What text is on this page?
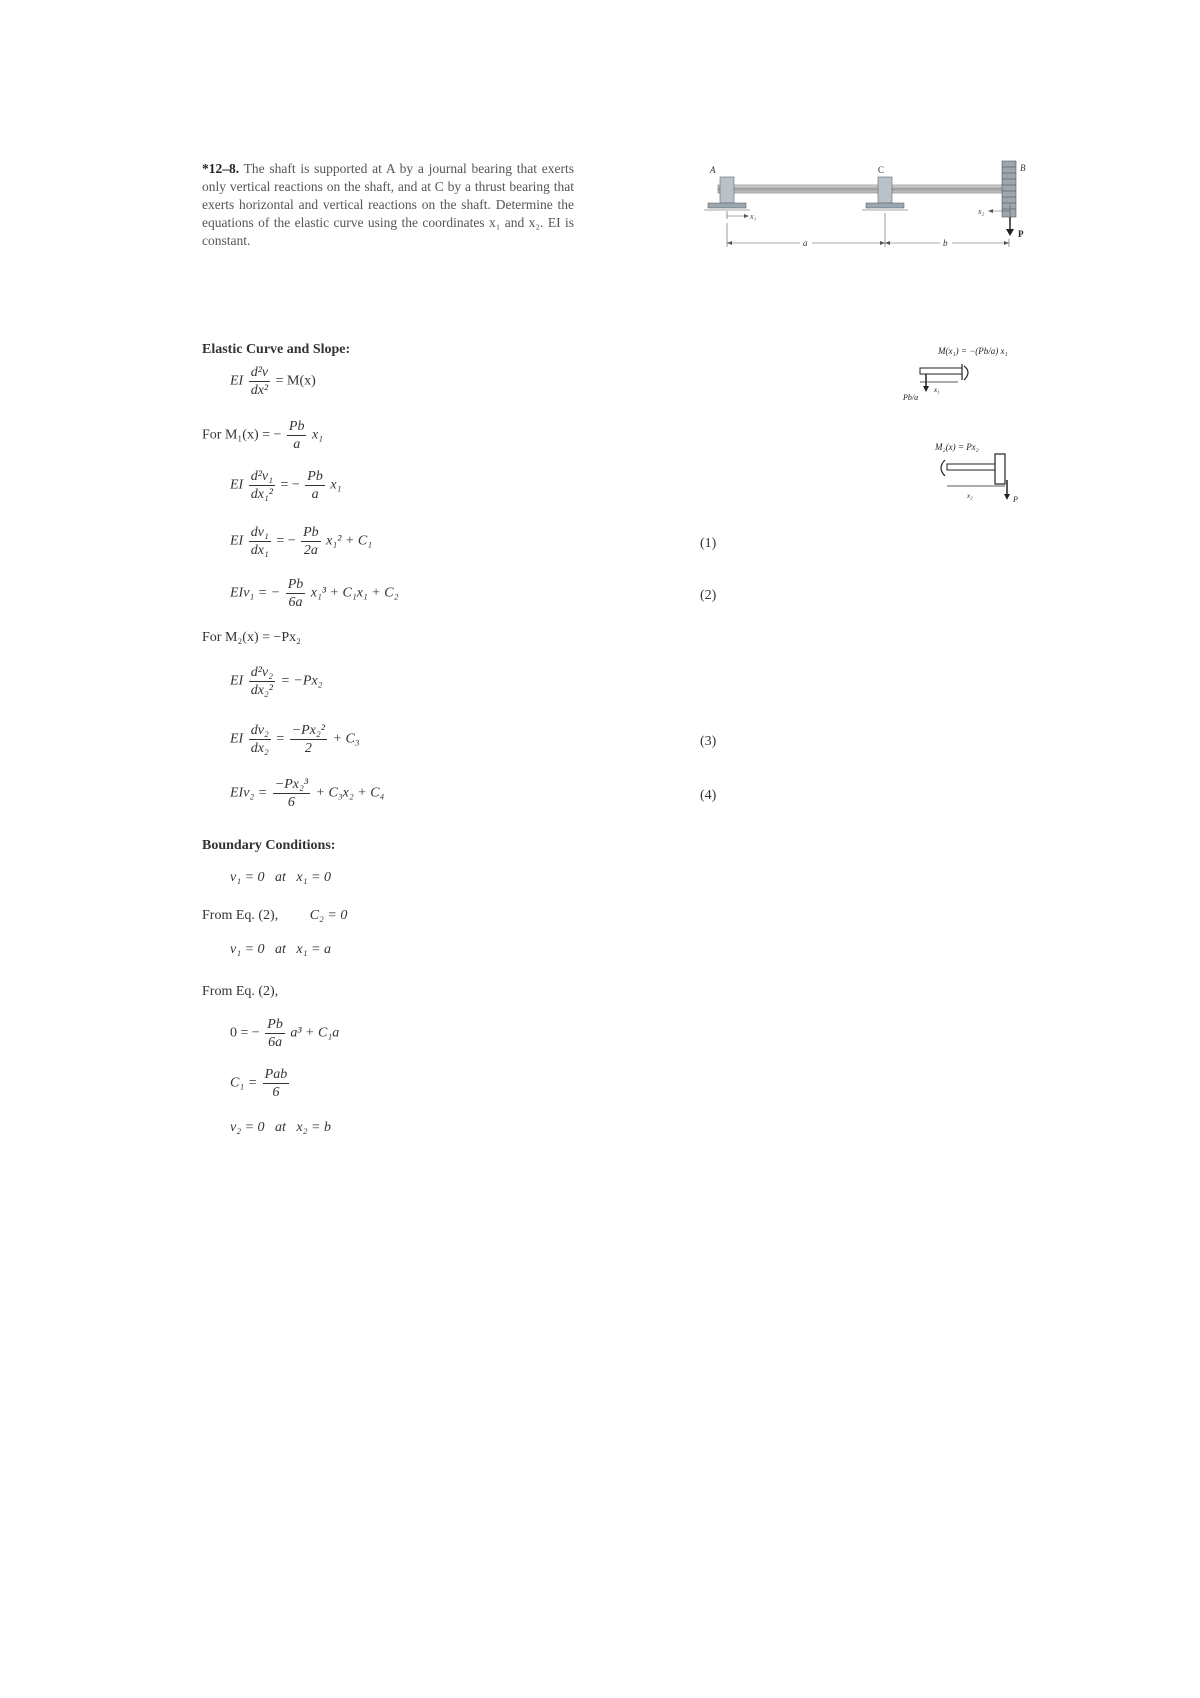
*12–8. The shaft is supported at A by a journal bearing that exerts only vertical reactions on the shaft, and at C by a thrust bearing that exerts horizontal and vertical reactions on the shaft. Determine the equations of the elastic curve using the coordinates x₁ and x₂. EI is constant.
A	C	B
P
x₁
x₂
a	b
M(x₁) = −(Pb/a) x₁
Pb/a
x₁
M₂(x) = Px₂
x₂	P
Elastic Curve and Slope:
EI $\frac{\text{d²v}}{\text{dx²}} = M(x)$
For M₁(x) = − $\frac{Pb}{a} x_1$
EI $\frac{\text{d²v₁}}{\text{dx₁²}}$ = − $\frac{Pb}{a} x_1$
EI $\frac{\text{dv₁}}{\text{dx₁}}$ = − $\frac{Pb}{2a} x_1^2 + C_1$	(1)
EIv₁ = − $\frac{Pb}{6a} x_1^3 + C_1x_1 + C_2$	(2)
For M₂(x) = −Px₂
EI $\frac{\text{d²v₂}}{\text{dx₂²}} = -Px_2$
EI $\frac{\text{dv₂}}{\text{dx₂}} = \frac{\text{−Px₂²}}{2} + C_3$	(3)
$EIv_2 = \frac{\text{−Px₂³}}{6} + C_3x_2 + C_4$	(4)
Boundary Conditions:
v₁ = 0   at   x₁ = 0
From Eq. (2), C₂ = 0
v₁ = 0   at   x₁ = a
From Eq. (2),
0 = − $\frac{Pb}{6a} a^3 + C_1a$
$C_1 = \frac{\text{Pab}}{6}$
v₂ = 0   at   x₂ = b
